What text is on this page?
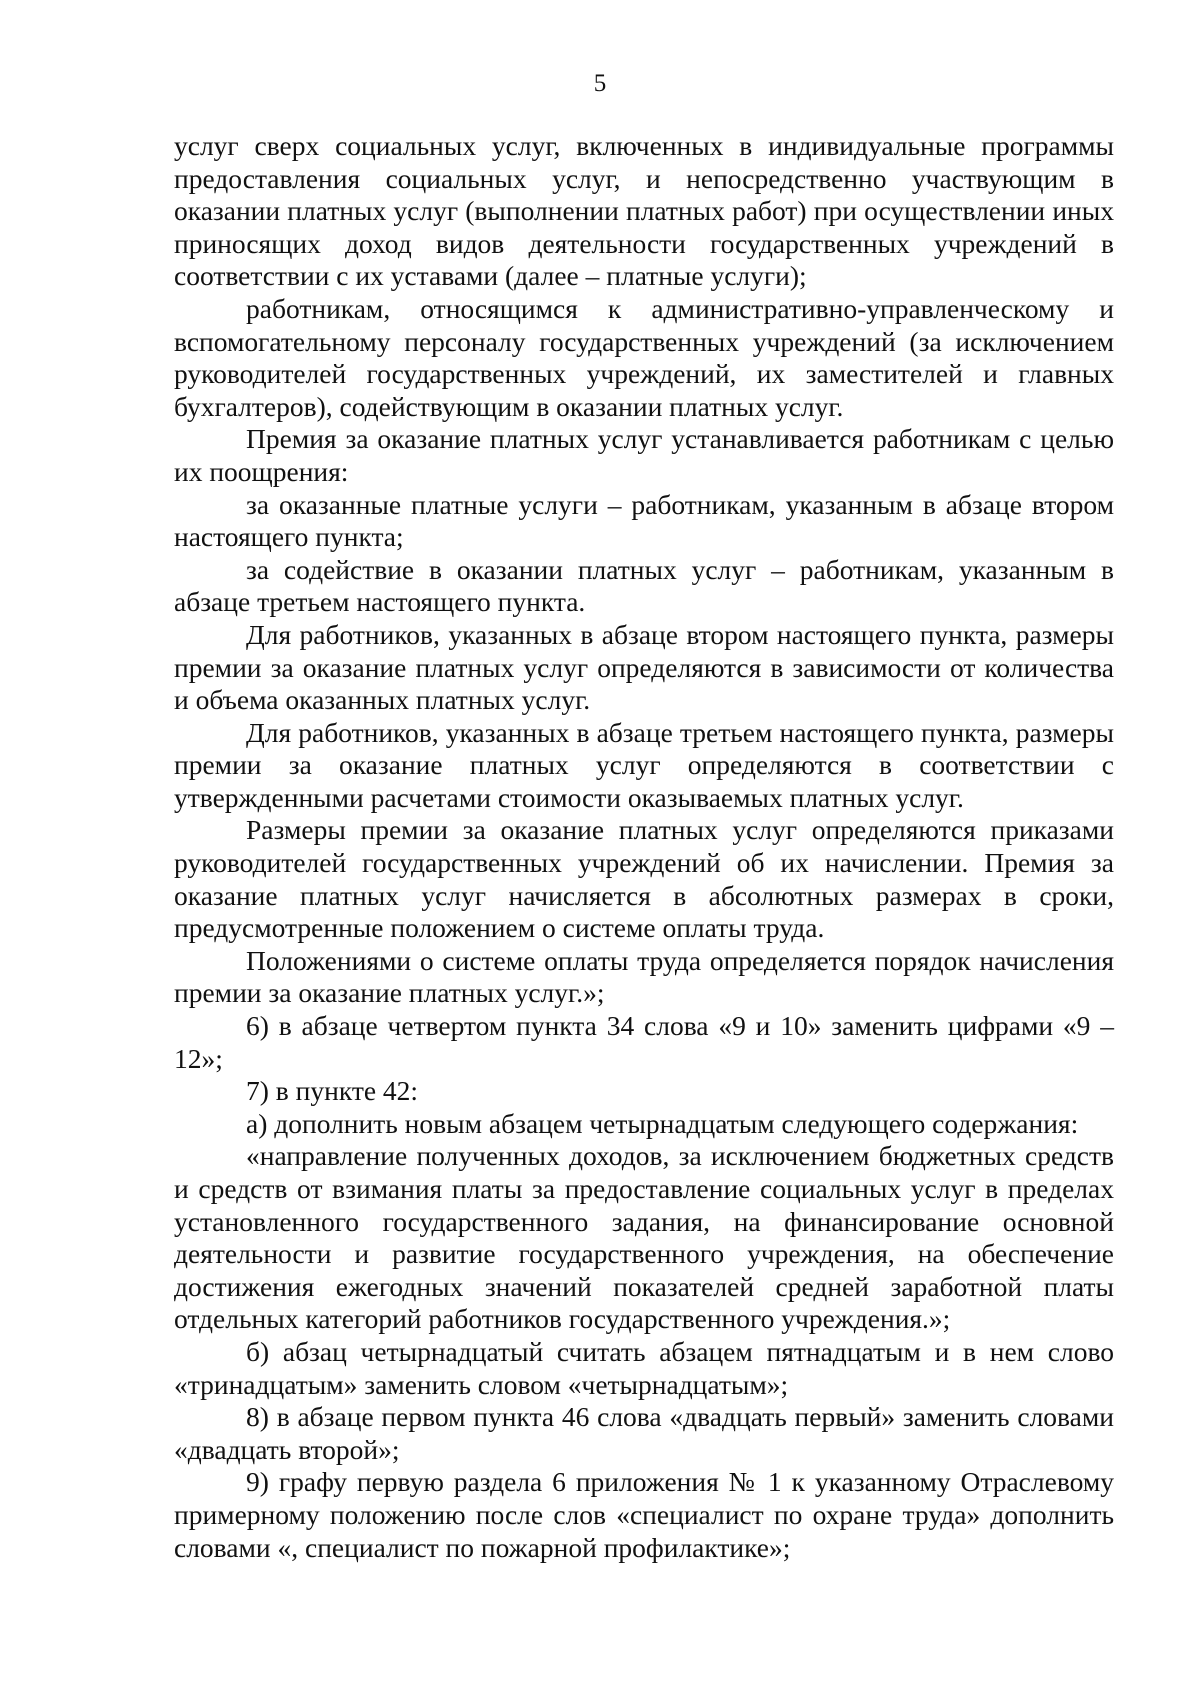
5

услуг сверх социальных услуг, включенных в индивидуальные программы предоставления социальных услуг, и непосредственно участвующим в оказании платных услуг (выполнении платных работ) при осуществлении иных приносящих доход видов деятельности государственных учреждений в соответствии с их уставами (далее – платные услуги);

работникам, относящимся к административно-управленческому и вспомогательному персоналу государственных учреждений (за исключением руководителей государственных учреждений, их заместителей и главных бухгалтеров), содействующим в оказании платных услуг.

Премия за оказание платных услуг устанавливается работникам с целью их поощрения:

за оказанные платные услуги – работникам, указанным в абзаце втором настоящего пункта;

за содействие в оказании платных услуг – работникам, указанным в абзаце третьем настоящего пункта.

Для работников, указанных в абзаце втором настоящего пункта, размеры премии за оказание платных услуг определяются в зависимости от количества и объема оказанных платных услуг.

Для работников, указанных в абзаце третьем настоящего пункта, размеры премии за оказание платных услуг определяются в соответствии с утвержденными расчетами стоимости оказываемых платных услуг.

Размеры премии за оказание платных услуг определяются приказами руководителей государственных учреждений об их начислении. Премия за оказание платных услуг начисляется в абсолютных размерах в сроки, предусмотренные положением о системе оплаты труда.

Положениями о системе оплаты труда определяется порядок начисления премии за оказание платных услуг.»;

6) в абзаце четвертом пункта 34 слова «9 и 10» заменить цифрами «9 – 12»;

7) в пункте 42:

а) дополнить новым абзацем четырнадцатым следующего содержания:

«направление полученных доходов, за исключением бюджетных средств и средств от взимания платы за предоставление социальных услуг в пределах установленного государственного задания, на финансирование основной деятельности и развитие государственного учреждения, на обеспечение достижения ежегодных значений показателей средней заработной платы отдельных категорий работников государственного учреждения.»;

б) абзац четырнадцатый считать абзацем пятнадцатым и в нем слово «тринадцатым» заменить словом «четырнадцатым»;

8) в абзаце первом пункта 46 слова «двадцать первый» заменить словами «двадцать второй»;

9) графу первую раздела 6 приложения № 1 к указанному Отраслевому примерному положению после слов «специалист по охране труда» дополнить словами «, специалист по пожарной профилактике»;
